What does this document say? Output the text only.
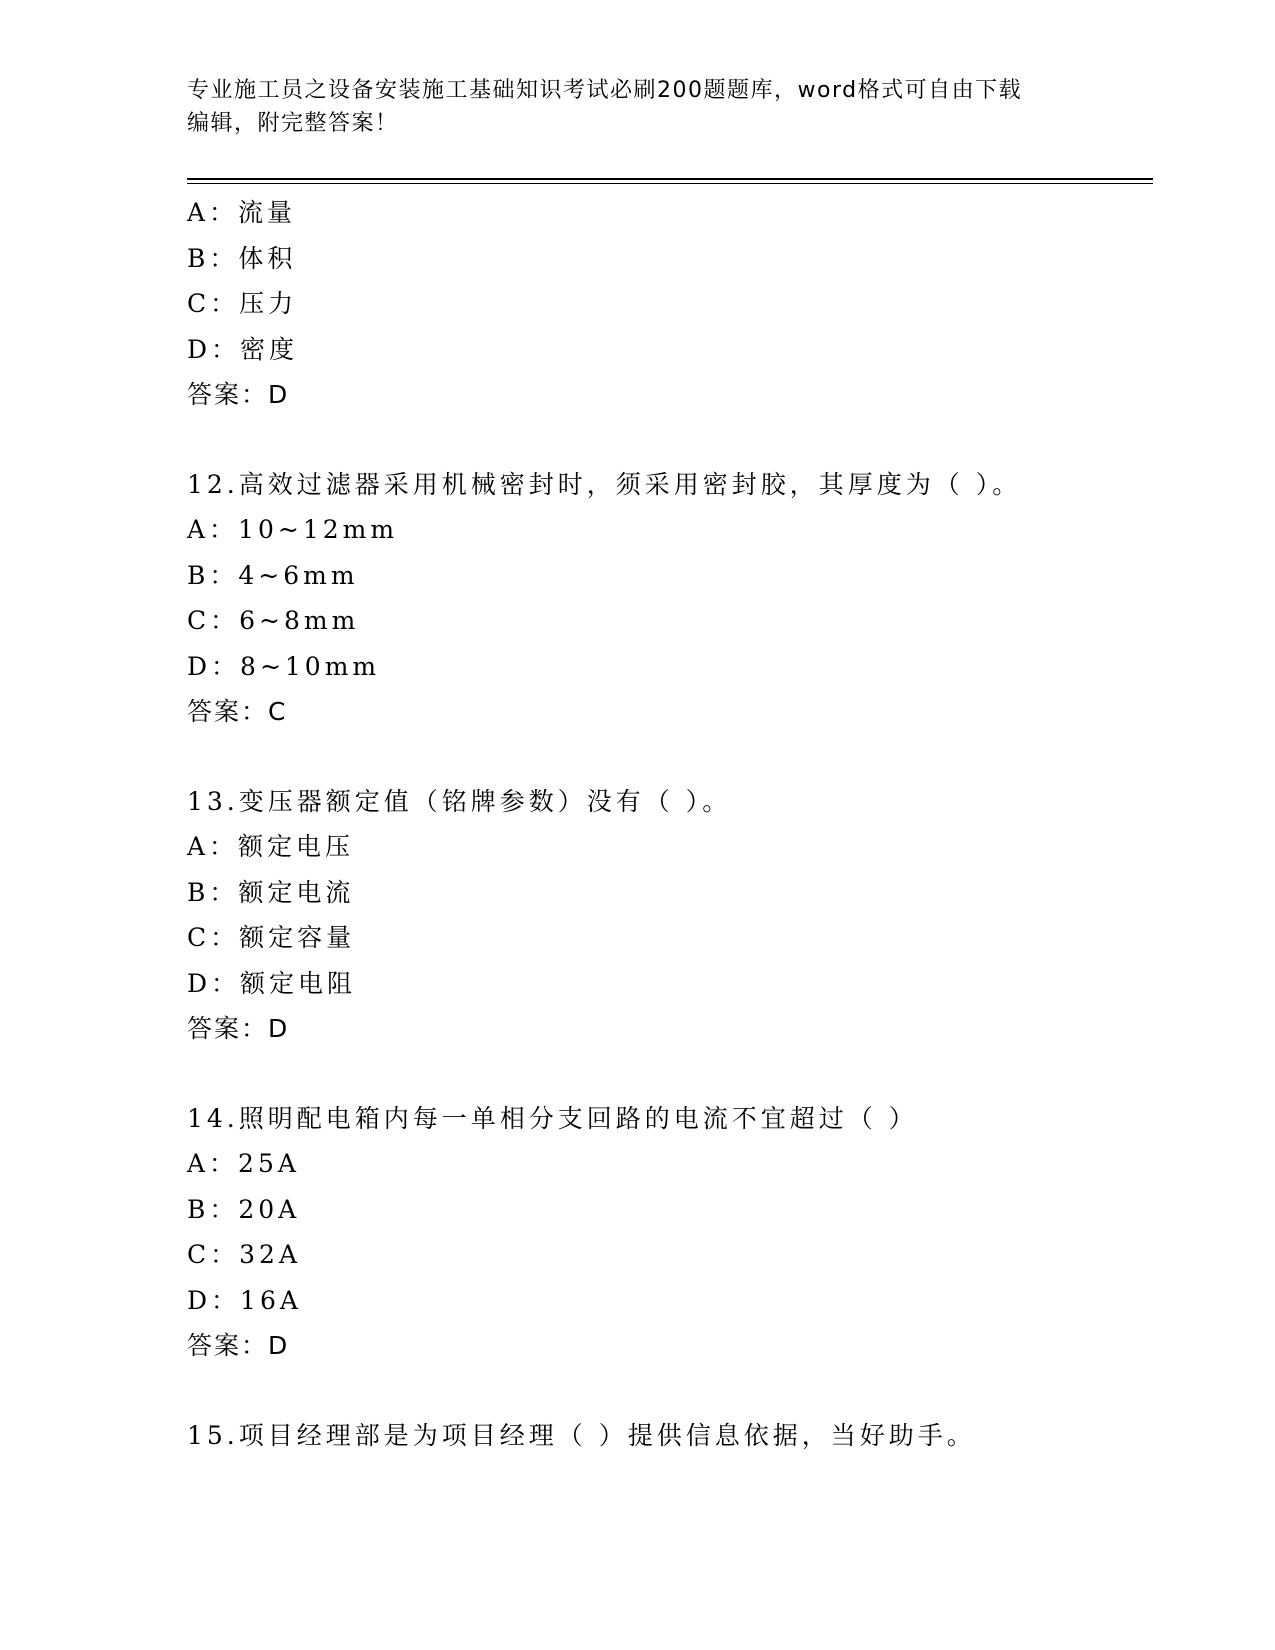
专业施工员之设备安装施工基础知识考试必刷200题题库，word格式可自由下载
编辑，附完整答案！
A：流量
B：体积
C：压力
D：密度
答案：D
12.高效过滤器采用机械密封时，须采用密封胶，其厚度为（ ）。
A：10~12mm
B：4~6mm
C：6~8mm
D：8~10mm
答案：C
13.变压器额定值（铭牌参数）没有（ ）。
A：额定电压
B：额定电流
C：额定容量
D：额定电阻
答案：D
14.照明配电箱内每一单相分支回路的电流不宜超过（ ）
A：25A
B：20A
C：32A
D：16A
答案：D
15.项目经理部是为项目经理（ ）提供信息依据，当好助手。
